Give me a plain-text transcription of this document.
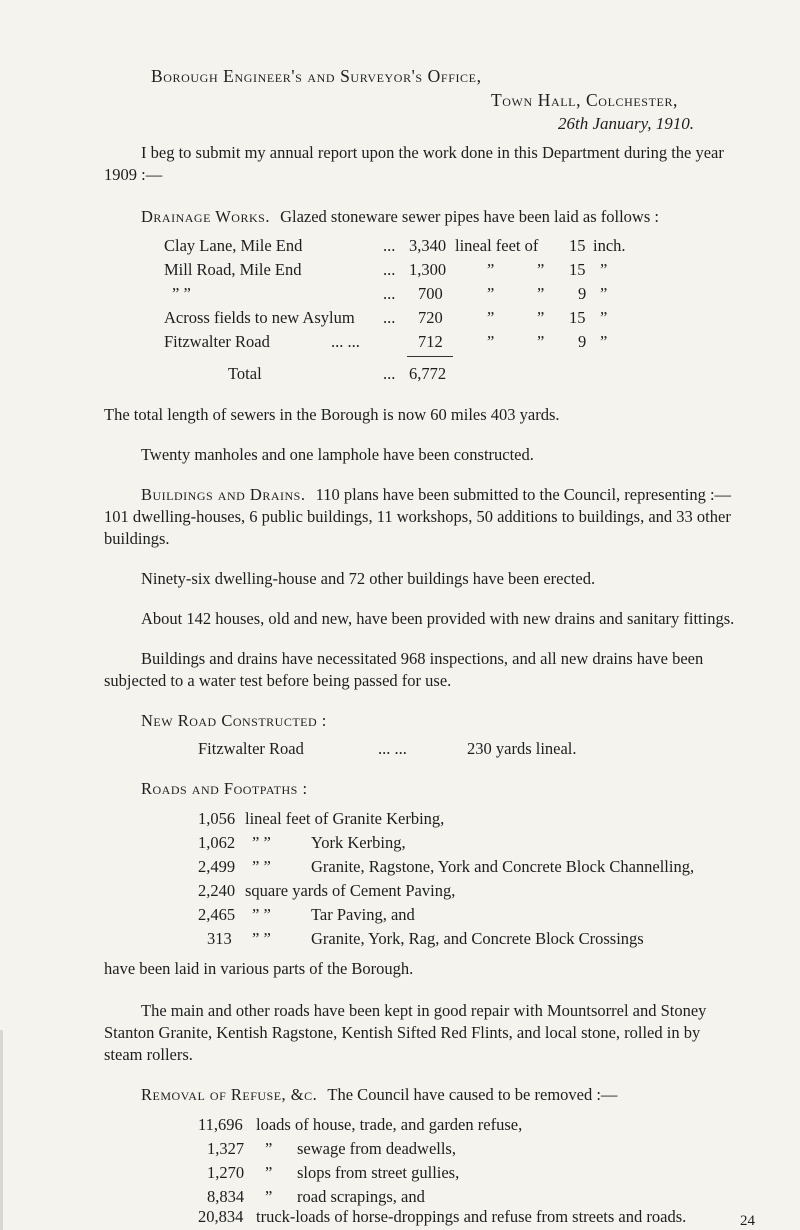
Borough Engineer's and Surveyor's Office,
Town Hall, Colchester,
26th January, 1910.
I beg to submit my annual report upon the work done in this Department during the year
1909 :—
Drainage Works. Glazed stoneware sewer pipes have been laid as follows :
Clay Lane, Mile End	... 3,340 lineal feet of 15 inch.
Mill Road, Mile End	... 1,300 ”	” 15 ”
” ”	... 700	”	” 9 ”
Across fields to new Asylum ... 720	”	” 15 ”
Fitzwalter Road	... ...	712	”	” 9 ”
Total	... 6,772
The total length of sewers in the Borough is now 60 miles 403 yards.
Twenty manholes and one lamphole have been constructed.
Buildings and Drains. 110 plans have been submitted to the Council, representing :—
101 dwelling-houses, 6 public buildings, 11 workshops, 50 additions to buildings, and 33 other
buildings.
Ninety-six dwelling-house and 72 other buildings have been erected.
About 142 houses, old and new, have been provided with new drains and sanitary fittings.
Buildings and drains have necessitated 968 inspections, and all new drains have been
subjected to a water test before being passed for use.
New Road Constructed :
Fitzwalter Road	... ...	230 yards lineal.
Roads and Footpaths :
1,056 lineal feet of Granite Kerbing,
1,062 ” ” York Kerbing,
2,499 ” ” Granite, Ragstone, York and Concrete Block Channelling,
2,240 square yards of Cement Paving,
2,465 ” ” Tar Paving, and
313 ” ” Granite, York, Rag, and Concrete Block Crossings
have been laid in various parts of the Borough.
The main and other roads have been kept in good repair with Mountsorrel and Stoney
Stanton Granite, Kentish Ragstone, Kentish Sifted Red Flints, and local stone, rolled in by
steam rollers.
Removal of Refuse, &c. The Council have caused to be removed :—
11,696 loads of house, trade, and garden refuse,
1,327 ” sewage from deadwells,
1,270 ” slops from street gullies,
8,834 ” road scrapings, and
20,834 truck-loads of horse-droppings and refuse from streets and roads.	24
